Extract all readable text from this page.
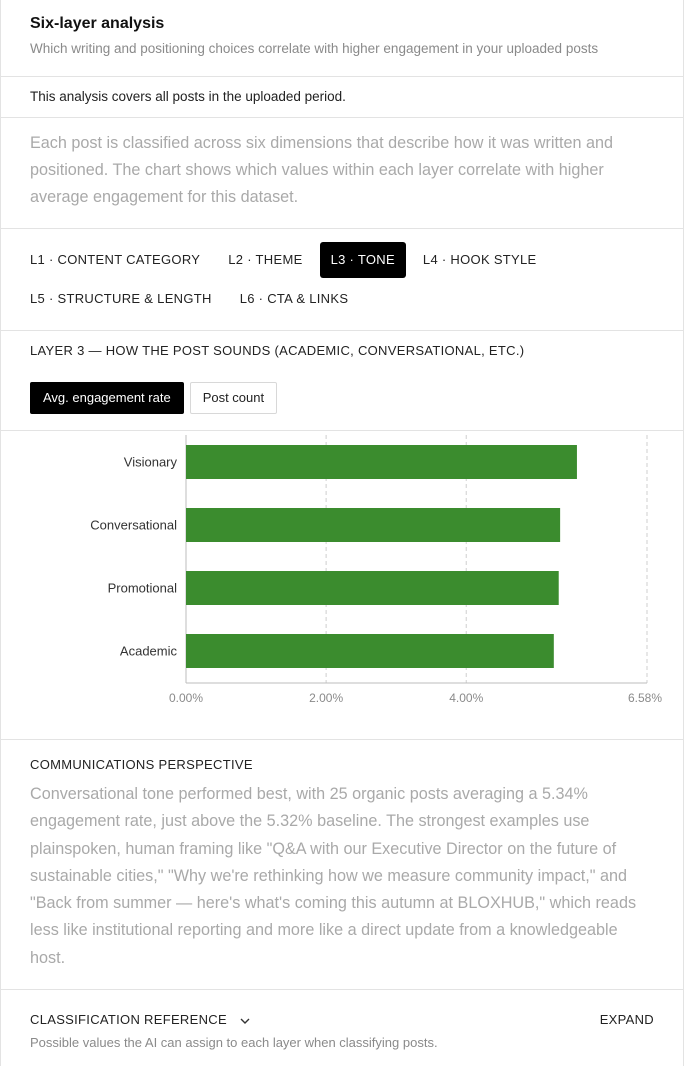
Six-layer analysis
Which writing and positioning choices correlate with higher engagement in your uploaded posts
This analysis covers all posts in the uploaded period.
Each post is classified across six dimensions that describe how it was written and positioned. The chart shows which values within each layer correlate with higher average engagement for this dataset.
L1 · CONTENT CATEGORY	L2 · THEME	L3 · TONE	L4 · HOOK STYLE
L5 · STRUCTURE & LENGTH	L6 · CTA & LINKS
LAYER 3 — HOW THE POST SOUNDS (ACADEMIC, CONVERSATIONAL, ETC.)
Avg. engagement rate	Post count
Visionary
Conversational
Promotional
Academic
0.00%	2.00%	4.00%	6.58%
COMMUNICATIONS PERSPECTIVE
Conversational tone performed best, with 25 organic posts averaging a 5.34% engagement rate, just above the 5.32% baseline. The strongest examples use plainspoken, human framing like "Q&A with our Executive Director on the future of sustainable cities," "Why we're rethinking how we measure community impact," and "Back from summer — here's what's coming this autumn at BLOXHUB," which reads less like institutional reporting and more like a direct update from a knowledgeable host.
CLASSIFICATION REFERENCE	EXPAND
Possible values the AI can assign to each layer when classifying posts.
